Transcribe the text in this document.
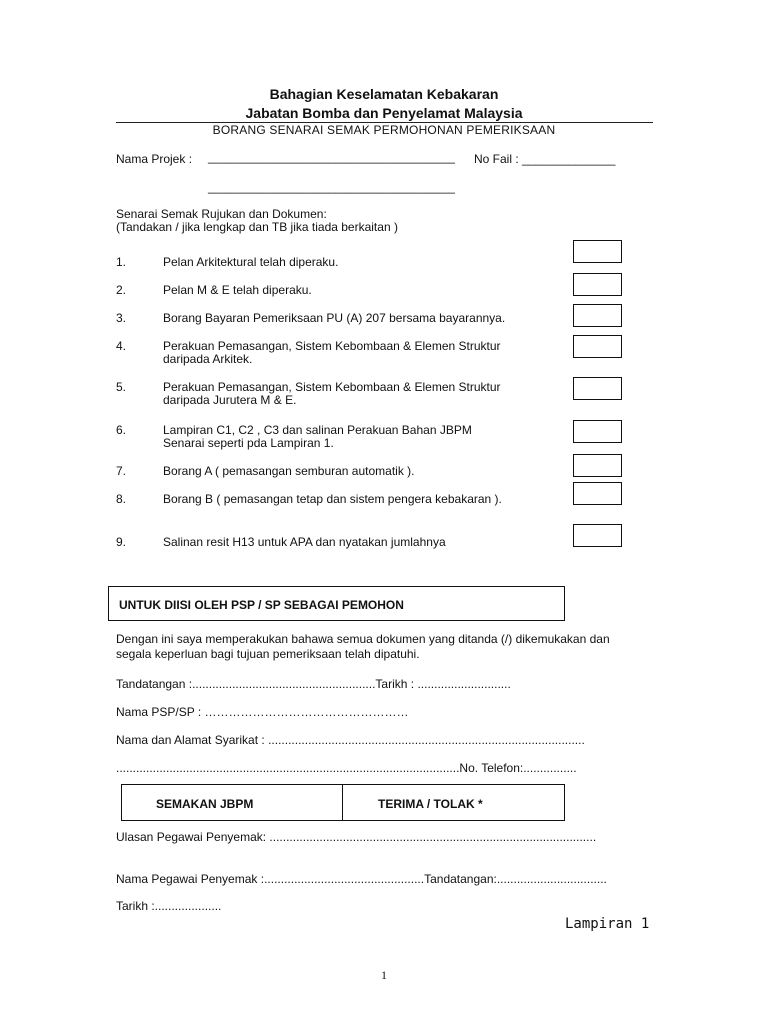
Bahagian Keselamatan Kebakaran
Jabatan Bomba dan Penyelamat Malaysia
BORANG SENARAI SEMAK PERMOHONAN PEMERIKSAAN
Nama Projek : _____________________________________ No Fail : ______________
_____________________________________
Senarai Semak Rujukan dan Dokumen:
(Tandakan / jika lengkap dan TB jika tiada berkaitan )
1.	Pelan Arkitektural telah diperaku.
2.	Pelan M & E telah diperaku.
3.	Borang Bayaran Pemeriksaan PU (A) 207 bersama bayarannya.
4.	Perakuan Pemasangan, Sistem Kebombaan & Elemen Struktur
daripada Arkitek.
5.	Perakuan Pemasangan, Sistem Kebombaan & Elemen Struktur
daripada Jurutera M & E.
6.	Lampiran C1, C2 , C3 dan salinan Perakuan Bahan JBPM
Senarai seperti pda Lampiran 1.
7.	Borang A ( pemasangan semburan automatik ).
8.	Borang B ( pemasangan tetap dan sistem pengera kebakaran ).
9.	Salinan resit H13 untuk APA dan nyatakan jumlahnya
UNTUK DIISI OLEH PSP / SP SEBAGAI PEMOHON
Dengan ini saya memperakukan bahawa semua dokumen yang ditanda (/) dikemukakan dan
segala keperluan bagi tujuan pemeriksaan telah dipatuhi.
Tandatangan :.......................................................Tarikh : ............................
Nama PSP/SP : ……………………………………………
Nama dan Alamat Syarikat : ...............................................................................................
.......................................................................................................No. Telefon:................
SEMAKAN JBPM	TERIMA / TOLAK *
Ulasan Pegawai Penyemak: ..................................................................................................
Nama Pegawai Penyemak :................................................Tandatangan:.................................
Tarikh :....................
Lampiran 1
1
